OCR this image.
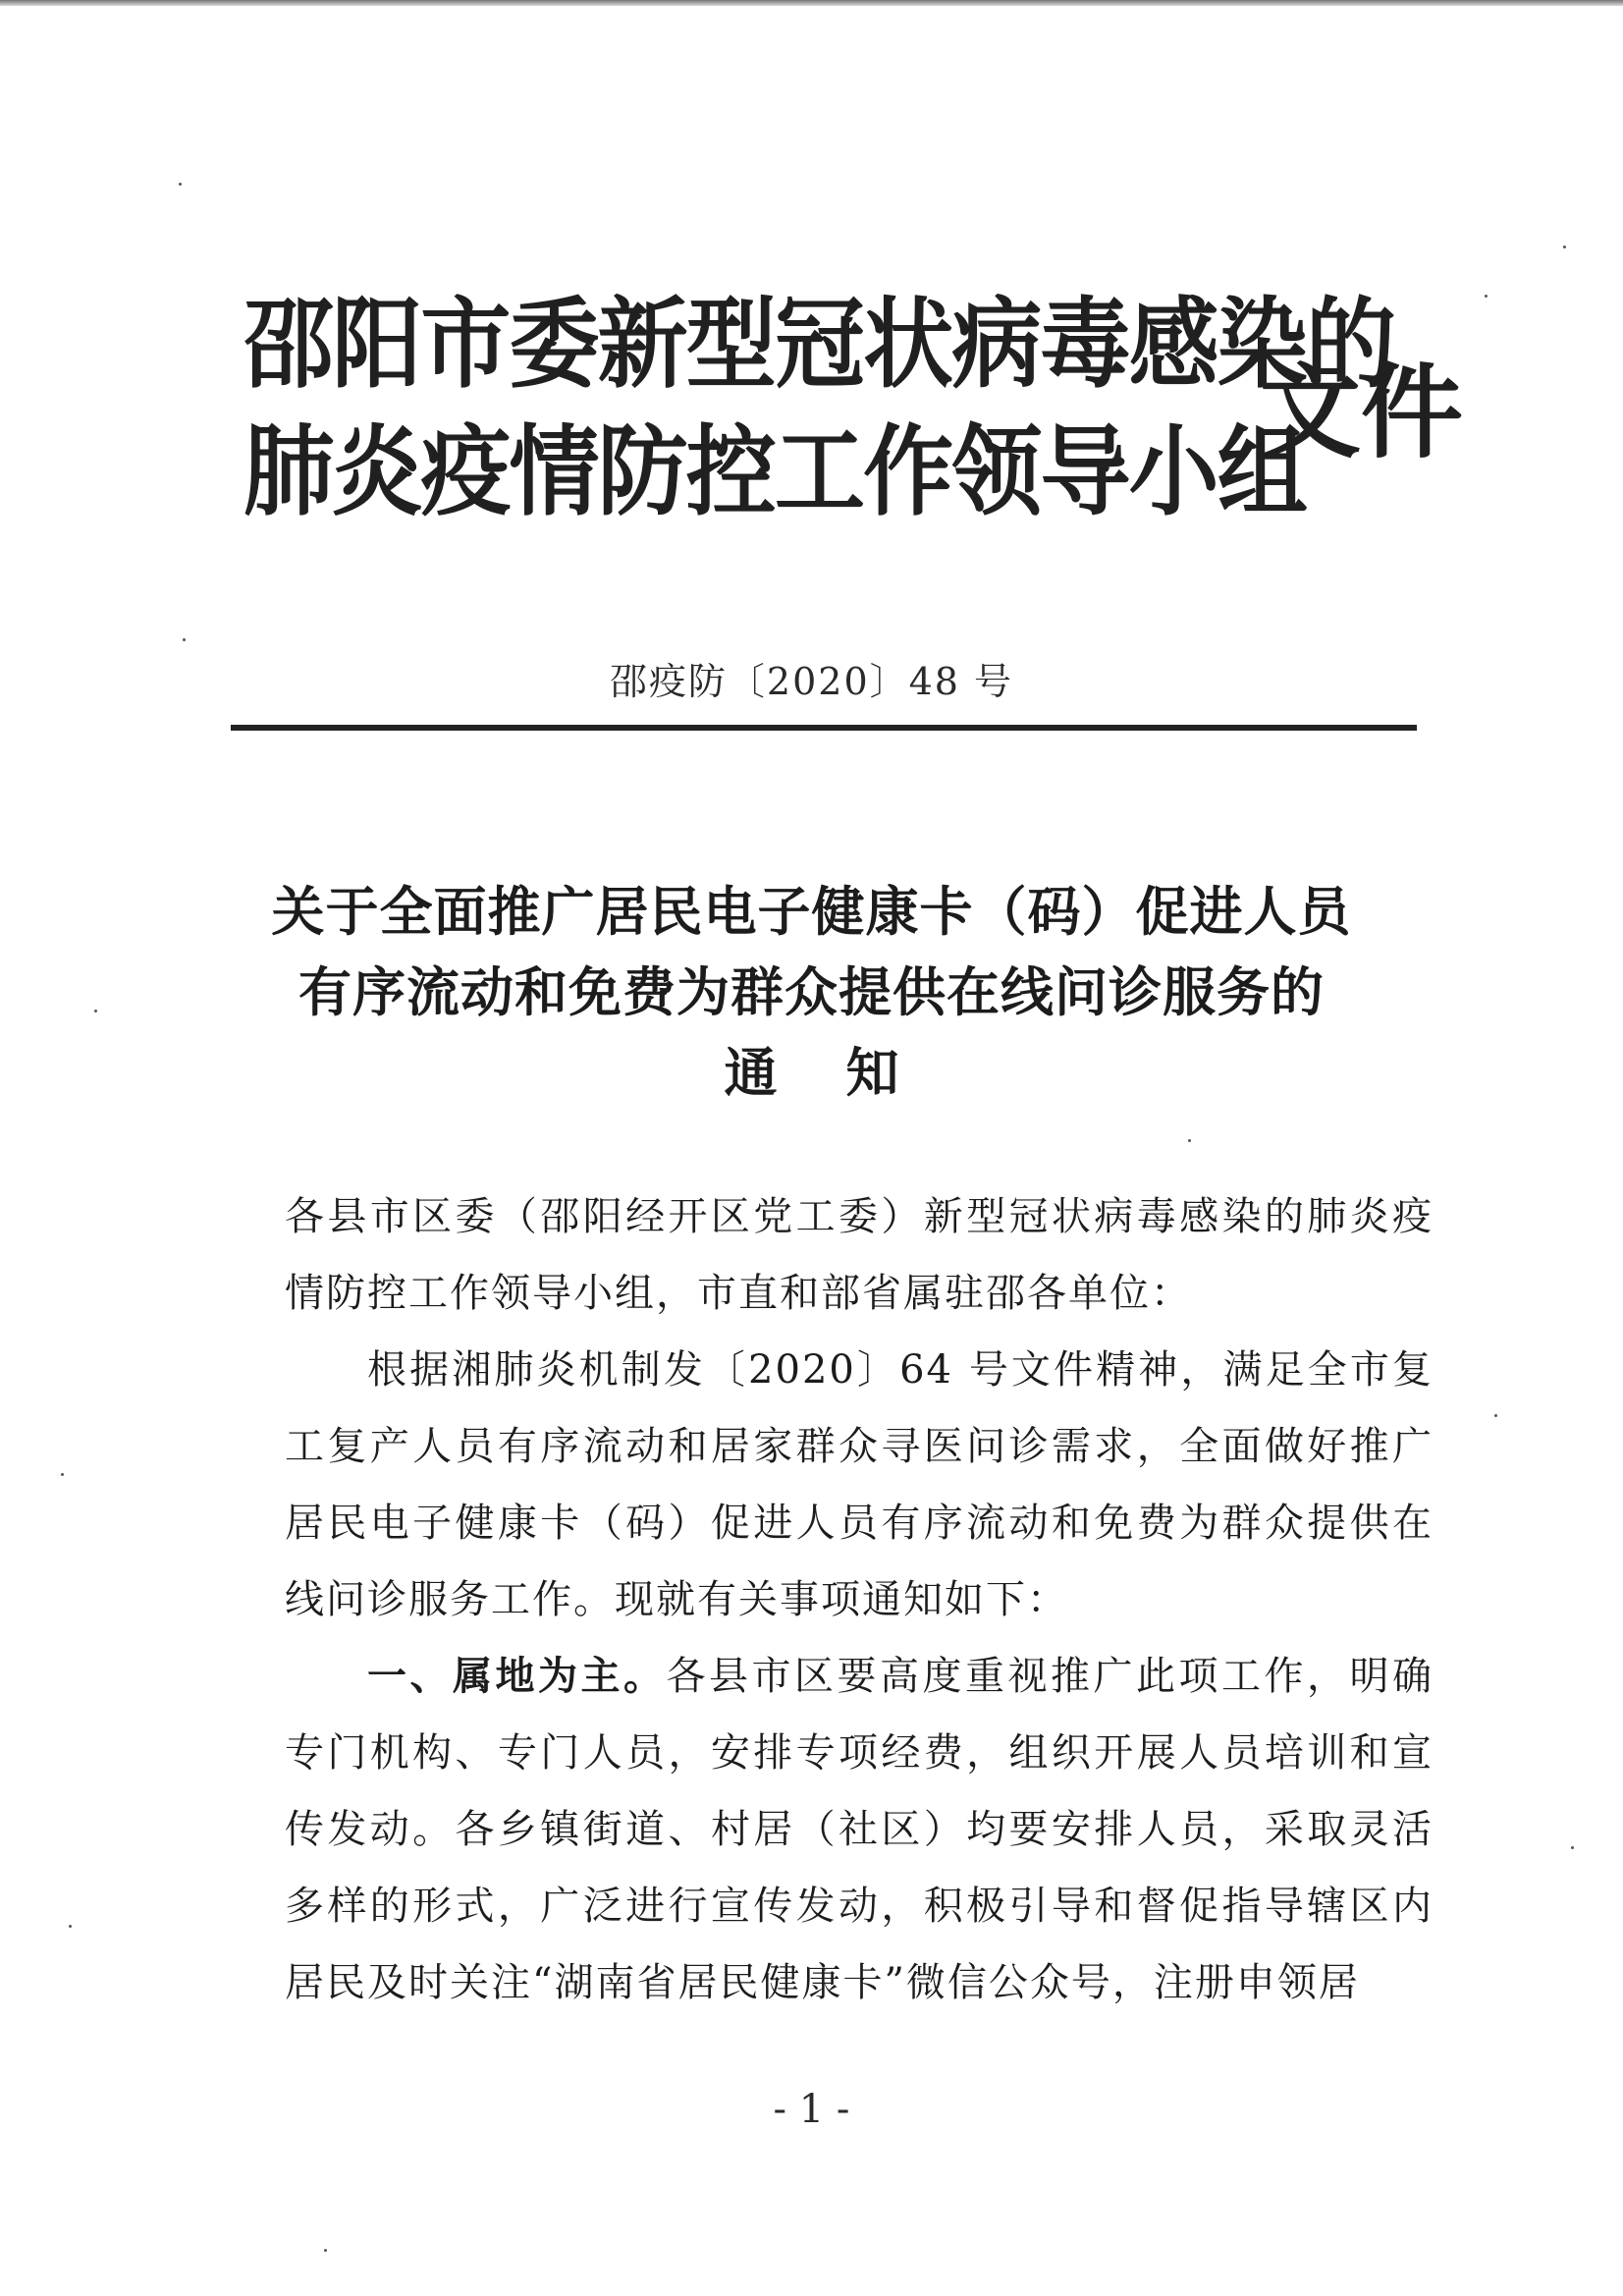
邵阳市委新型冠状病毒感染的
肺炎疫情防控工作领导小组
文件
邵疫防〔2020〕48 号
关于全面推广居民电子健康卡（码）促进人员
有序流动和免费为群众提供在线问诊服务的
通知

各县市区委（邵阳经开区党工委）新型冠状病毒感染的肺炎疫情防控工作领导小组，市直和部省属驻邵各单位：

根据湘肺炎机制发〔2020〕64 号文件精神，满足全市复工复产人员有序流动和居家群众寻医问诊需求，全面做好推广居民电子健康卡（码）促进人员有序流动和免费为群众提供在线问诊服务工作。现就有关事项通知如下：

一、属地为主。各县市区要高度重视推广此项工作，明确专门机构、专门人员，安排专项经费，组织开展人员培训和宣传发动。各乡镇街道、村居（社区）均要安排人员，采取灵活多样的形式，广泛进行宣传发动，积极引导和督促指导辖区内居民及时关注“湖南省居民健康卡”微信公众号，注册申领居

- 1 -
